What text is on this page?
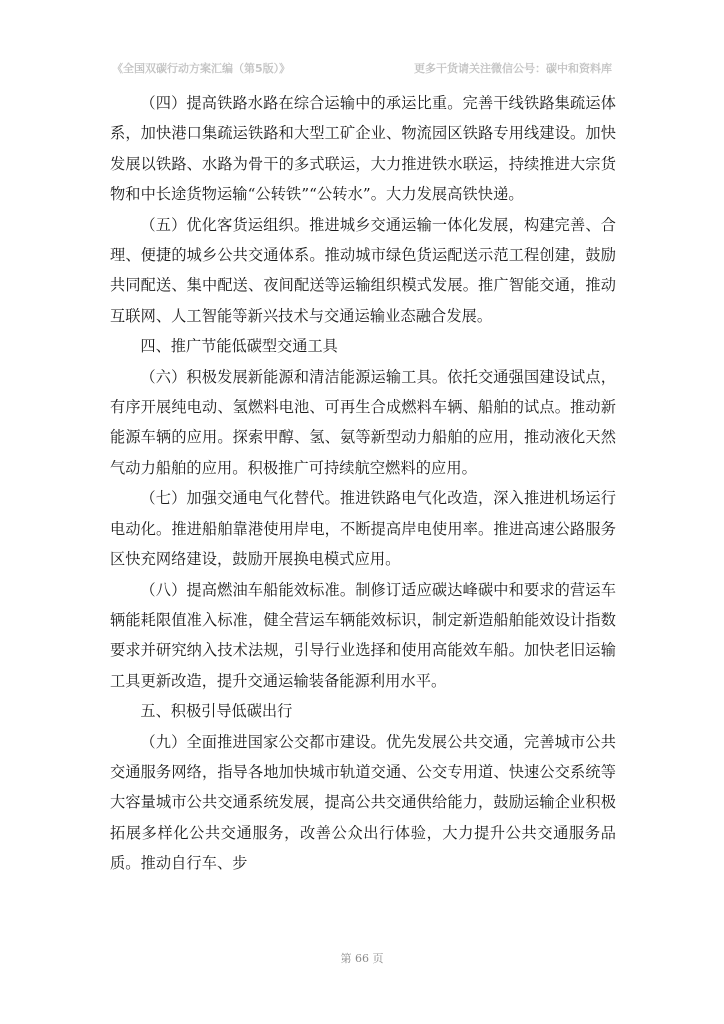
《全国双碳行动方案汇编（第5版）》	更多干货请关注微信公号：碳中和资料库

（四）提高铁路水路在综合运输中的承运比重。完善干线铁路集疏运体系，加快港口集疏运铁路和大型工矿企业、物流园区铁路专用线建设。加快发展以铁路、水路为骨干的多式联运，大力推进铁水联运，持续推进大宗货物和中长途货物运输“公转铁”“公转水”。大力发展高铁快递。

（五）优化客货运组织。推进城乡交通运输一体化发展，构建完善、合理、便捷的城乡公共交通体系。推动城市绿色货运配送示范工程创建，鼓励共同配送、集中配送、夜间配送等运输组织模式发展。推广智能交通，推动互联网、人工智能等新兴技术与交通运输业态融合发展。

四、推广节能低碳型交通工具

（六）积极发展新能源和清洁能源运输工具。依托交通强国建设试点，有序开展纯电动、氢燃料电池、可再生合成燃料车辆、船舶的试点。推动新能源车辆的应用。探索甲醇、氢、氨等新型动力船舶的应用，推动液化天然气动力船舶的应用。积极推广可持续航空燃料的应用。

（七）加强交通电气化替代。推进铁路电气化改造，深入推进机场运行电动化。推进船舶靠港使用岸电，不断提高岸电使用率。推进高速公路服务区快充网络建设，鼓励开展换电模式应用。

（八）提高燃油车船能效标准。制修订适应碳达峰碳中和要求的营运车辆能耗限值准入标准，健全营运车辆能效标识，制定新造船舶能效设计指数要求并研究纳入技术法规，引导行业选择和使用高能效车船。加快老旧运输工具更新改造，提升交通运输装备能源利用水平。

五、积极引导低碳出行

（九）全面推进国家公交都市建设。优先发展公共交通，完善城市公共交通服务网络，指导各地加快城市轨道交通、公交专用道、快速公交系统等大容量城市公共交通系统发展，提高公共交通供给能力，鼓励运输企业积极拓展多样化公共交通服务，改善公众出行体验，大力提升公共交通服务品质。推动自行车、步

第 66 页
